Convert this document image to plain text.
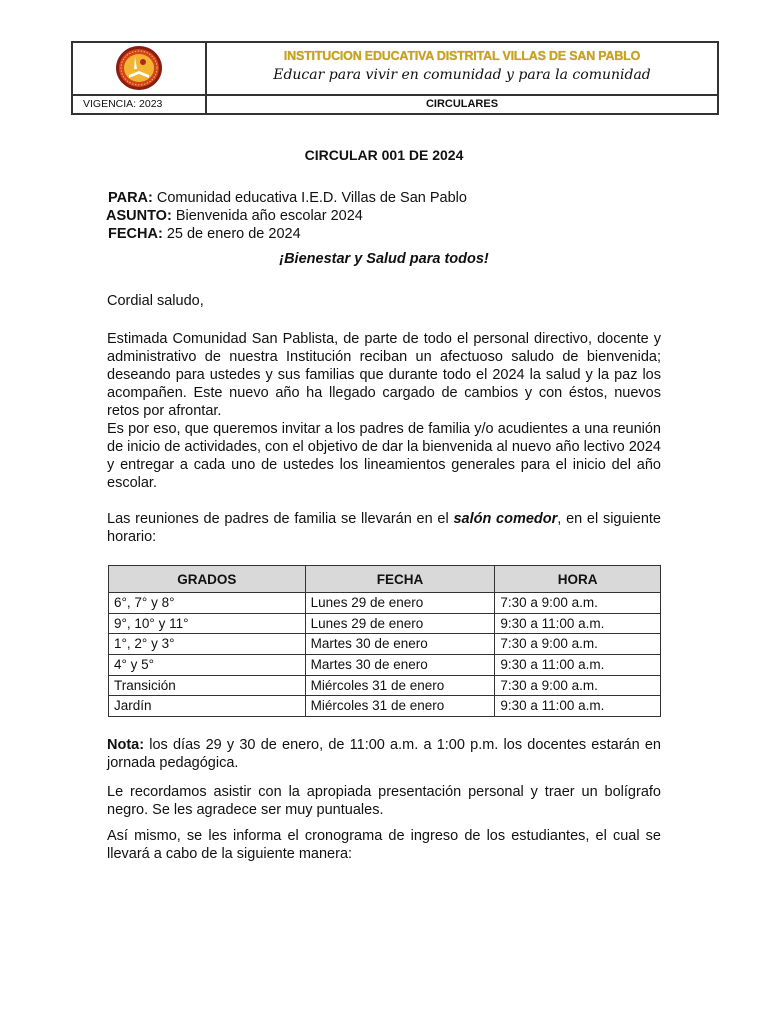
INSTITUCION EDUCATIVA DISTRITAL VILLAS DE SAN PABLO
Educar para vivir en comunidad y para la comunidad
VIGENCIA: 2023	CIRCULARES
CIRCULAR 001 DE 2024
PARA: Comunidad educativa I.E.D. Villas de San Pablo
ASUNTO: Bienvenida año escolar 2024
FECHA: 25 de enero de 2024
¡Bienestar y Salud para todos!
Cordial saludo,
Estimada Comunidad San Pablista, de parte de todo el personal directivo, docente y administrativo de nuestra Institución reciban un afectuoso saludo de bienvenida; deseando para ustedes y sus familias que durante todo el 2024 la salud y la paz los acompañen. Este nuevo año ha llegado cargado de cambios y con éstos, nuevos retos por afrontar.
Es por eso, que queremos invitar a los padres de familia y/o acudientes a una reunión de inicio de actividades, con el objetivo de dar la bienvenida al nuevo año lectivo 2024 y entregar a cada uno de ustedes los lineamientos generales para el inicio del año escolar.
Las reuniones de padres de familia se llevarán en el salón comedor, en el siguiente horario:
GRADOS	FECHA	HORA
6°, 7° y 8°	Lunes 29 de enero	7:30 a 9:00 a.m.
9°, 10° y 11°	Lunes 29 de enero	9:30 a 11:00 a.m.
1°, 2° y 3°	Martes 30 de enero	7:30 a 9:00 a.m.
4° y 5°	Martes 30 de enero	9:30 a 11:00 a.m.
Transición	Miércoles 31 de enero	7:30 a 9:00 a.m.
Jardín	Miércoles 31 de enero	9:30 a 11:00 a.m.
Nota: los días 29 y 30 de enero, de 11:00 a.m. a 1:00 p.m. los docentes estarán en jornada pedagógica.
Le recordamos asistir con la apropiada presentación personal y traer un bolígrafo negro. Se les agradece ser muy puntuales.
Así mismo, se les informa el cronograma de ingreso de los estudiantes, el cual se llevará a cabo de la siguiente manera:
